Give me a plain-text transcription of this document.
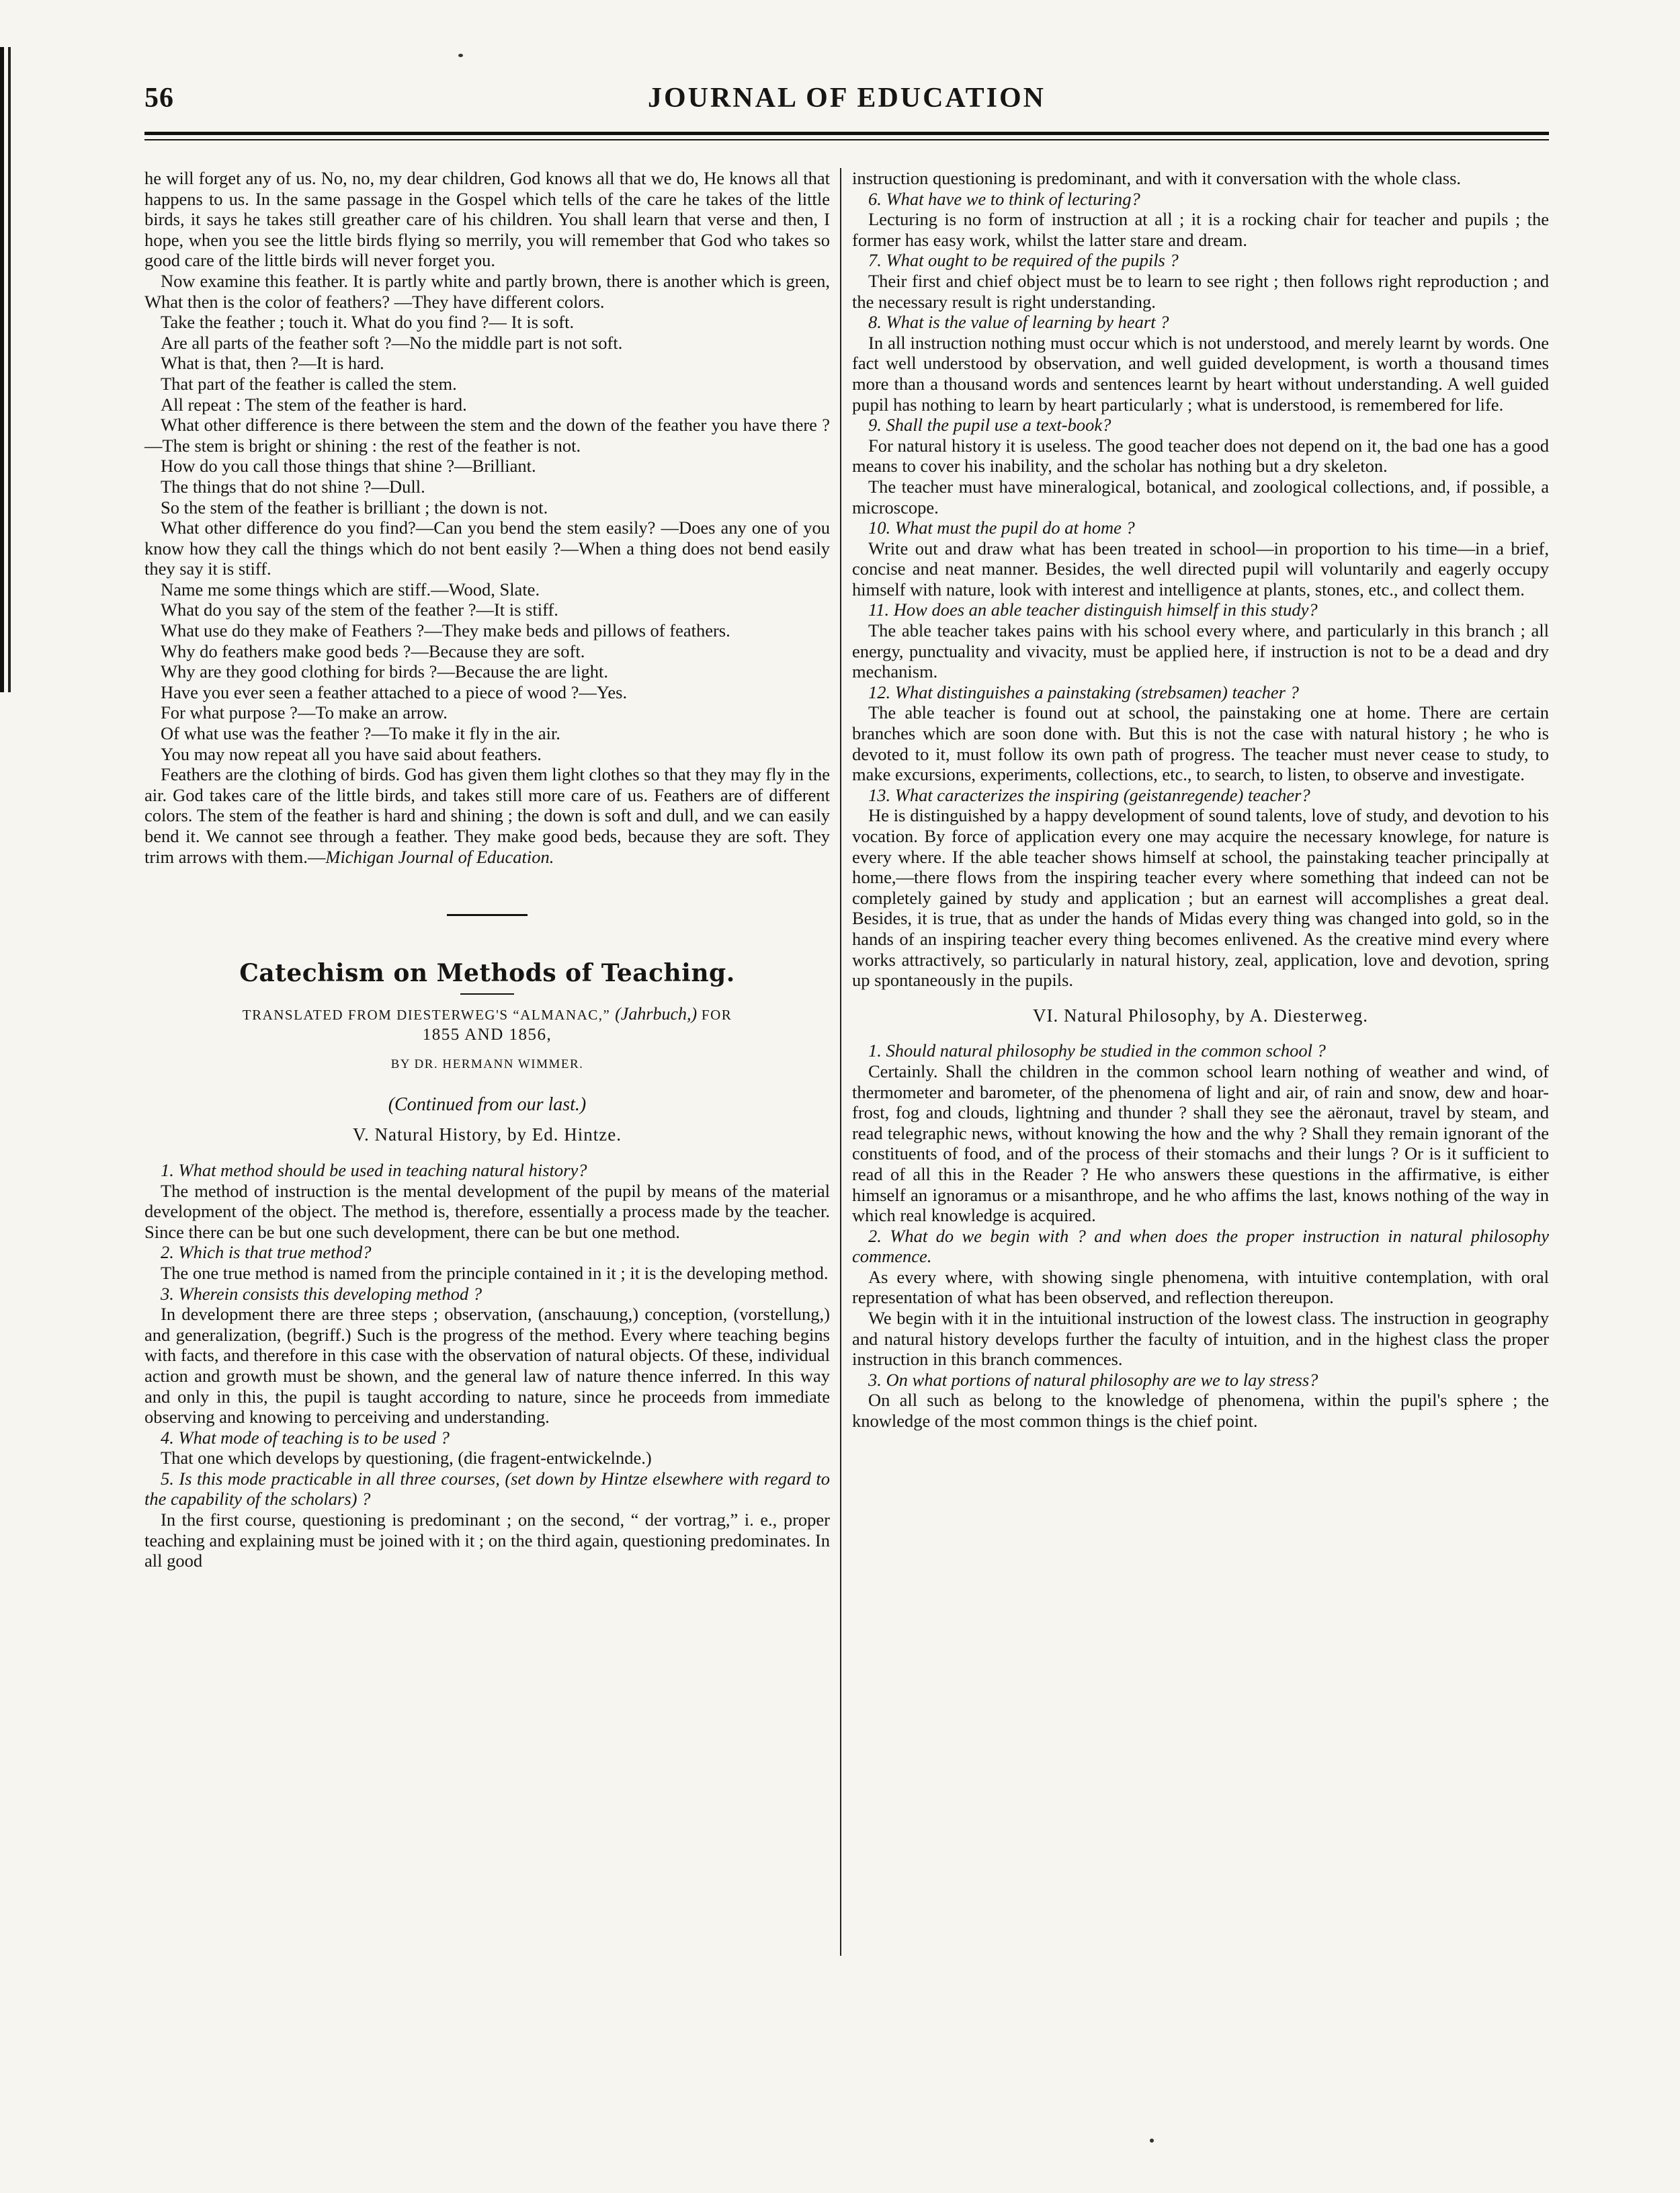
56	JOURNAL OF EDUCATION

he will forget any of us. No, no, my dear children, God knows all that we do, He knows all that happens to us. In the same passage in the Gospel which tells of the care he takes of the little birds, it says he takes still greather care of his children. You shall learn that verse and then, I hope, when you see the little birds flying so merrily, you will remember that God who takes so good care of the little birds will never forget you.

Now examine this feather. It is partly white and partly brown, there is another which is green, What then is the color of feathers? —They have different colors.

Take the feather ; touch it. What do you find ?— It is soft.

Are all parts of the feather soft ?—No the middle part is not soft.

What is that, then ?—It is hard.

That part of the feather is called the stem.

All repeat : The stem of the feather is hard.

What other difference is there between the stem and the down of the feather you have there ?—The stem is bright or shining : the rest of the feather is not.

How do you call those things that shine ?—Brilliant.

The things that do not shine ?—Dull.

So the stem of the feather is brilliant ; the down is not.

What other difference do you find?—Can you bend the stem easily? —Does any one of you know how they call the things which do not bent easily ?—When a thing does not bend easily they say it is stiff.

Name me some things which are stiff.—Wood, Slate.

What do you say of the stem of the feather ?—It is stiff.

What use do they make of Feathers ?—They make beds and pillows of feathers.

Why do feathers make good beds ?—Because they are soft.

Why are they good clothing for birds ?—Because the are light.

Have you ever seen a feather attached to a piece of wood ?—Yes.

For what purpose ?—To make an arrow.

Of what use was the feather ?—To make it fly in the air.

You may now repeat all you have said about feathers.

Feathers are the clothing of birds. God has given them light clothes so that they may fly in the air. God takes care of the little birds, and takes still more care of us. Feathers are of different colors. The stem of the feather is hard and shining ; the down is soft and dull, and we can easily bend it. We cannot see through a feather. They make good beds, because they are soft. They trim arrows with them.—Michigan Journal of Education.

Catechism on Methods of Teaching.

TRANSLATED FROM DIESTERWEG'S “ALMANAC,” (Jahrbuch,) FOR
1855 AND 1856,

BY DR. HERMANN WIMMER.

(Continued from our last.)

V. Natural History, by Ed. Hintze.

1. What method should be used in teaching natural history?

The method of instruction is the mental development of the pupil by means of the material development of the object. The method is, therefore, essentially a process made by the teacher. Since there can be but one such development, there can be but one method.

2. Which is that true method?

The one true method is named from the principle contained in it ; it is the developing method.

3. Wherein consists this developing method ?

In development there are three steps ; observation, (anschauung,) conception, (vorstellung,) and generalization, (begriff.) Such is the progress of the method. Every where teaching begins with facts, and therefore in this case with the observation of natural objects. Of these, individual action and growth must be shown, and the general law of nature thence inferred. In this way and only in this, the pupil is taught according to nature, since he proceeds from immediate observing and knowing to perceiving and understanding.

4. What mode of teaching is to be used ?

That one which develops by questioning, (die fragent-entwickelnde.)

5. Is this mode practicable in all three courses, (set down by Hintze elsewhere with regard to the capability of the scholars) ?

In the first course, questioning is predominant ; on the second, “ der vortrag,” i. e., proper teaching and explaining must be joined with it ; on the third again, questioning predominates. In all good

instruction questioning is predominant, and with it conversation with the whole class.

6. What have we to think of lecturing?

Lecturing is no form of instruction at all ; it is a rocking chair for teacher and pupils ; the former has easy work, whilst the latter stare and dream.

7. What ought to be required of the pupils ?

Their first and chief object must be to learn to see right ; then follows right reproduction ; and the necessary result is right understanding.

8. What is the value of learning by heart ?

In all instruction nothing must occur which is not understood, and merely learnt by words. One fact well understood by observation, and well guided development, is worth a thousand times more than a thousand words and sentences learnt by heart without understanding. A well guided pupil has nothing to learn by heart particularly ; what is understood, is remembered for life.

9. Shall the pupil use a text-book?

For natural history it is useless. The good teacher does not depend on it, the bad one has a good means to cover his inability, and the scholar has nothing but a dry skeleton.

The teacher must have mineralogical, botanical, and zoological collections, and, if possible, a microscope.

10. What must the pupil do at home ?

Write out and draw what has been treated in school—in proportion to his time—in a brief, concise and neat manner. Besides, the well directed pupil will voluntarily and eagerly occupy himself with nature, look with interest and intelligence at plants, stones, etc., and collect them.

11. How does an able teacher distinguish himself in this study?

The able teacher takes pains with his school every where, and particularly in this branch ; all energy, punctuality and vivacity, must be applied here, if instruction is not to be a dead and dry mechanism.

12. What distinguishes a painstaking (strebsamen) teacher ?

The able teacher is found out at school, the painstaking one at home. There are certain branches which are soon done with. But this is not the case with natural history ; he who is devoted to it, must follow its own path of progress. The teacher must never cease to study, to make excursions, experiments, collections, etc., to search, to listen, to observe and investigate.

13. What caracterizes the inspiring (geistanregende) teacher?

He is distinguished by a happy development of sound talents, love of study, and devotion to his vocation. By force of application every one may acquire the necessary knowlege, for nature is every where. If the able teacher shows himself at school, the painstaking teacher principally at home,—there flows from the inspiring teacher every where something that indeed can not be completely gained by study and application ; but an earnest will accomplishes a great deal. Besides, it is true, that as under the hands of Midas every thing was changed into gold, so in the hands of an inspiring teacher every thing becomes enlivened. As the creative mind every where works attractively, so particularly in natural history, zeal, application, love and devotion, spring up spontaneously in the pupils.

VI. Natural Philosophy, by A. Diesterweg.

1. Should natural philosophy be studied in the common school ?

Certainly. Shall the children in the common school learn nothing of weather and wind, of thermometer and barometer, of the phenomena of light and air, of rain and snow, dew and hoar-frost, fog and clouds, lightning and thunder ? shall they see the aëronaut, travel by steam, and read telegraphic news, without knowing the how and the why ? Shall they remain ignorant of the constituents of food, and of the process of their stomachs and their lungs ? Or is it sufficient to read of all this in the Reader ? He who answers these questions in the affirmative, is either himself an ignoramus or a misanthrope, and he who affims the last, knows nothing of the way in which real knowledge is acquired.

2. What do we begin with ? and when does the proper instruction in natural philosophy commence.

As every where, with showing single phenomena, with intuitive contemplation, with oral representation of what has been observed, and reflection thereupon.

We begin with it in the intuitional instruction of the lowest class. The instruction in geography and natural history develops further the faculty of intuition, and in the highest class the proper instruction in this branch commences.

3. On what portions of natural philosophy are we to lay stress?

On all such as belong to the knowledge of phenomena, within the pupil's sphere ; the knowledge of the most common things is the chief point.
